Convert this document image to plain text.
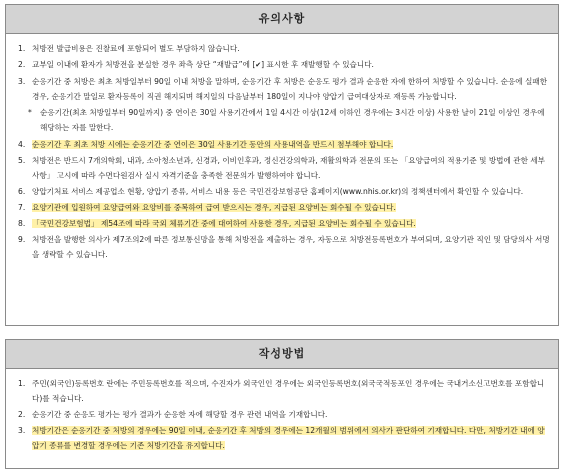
유의사항
1. 처방전 발급비용은 진찰료에 포함되어 별도 부담하지 않습니다.
2. 교부일 이내에 환자가 처방전을 분실한 경우 좌측 상단 “재발급”에 [✔] 표시한 후 재발행할 수 있습니다.
3. 순응기간 중 처방은 최초 처방일부터 90일 이내 처방을 말하며, 순응기간 후 처방은 순응도 평가 결과 순응한 자에 한하여 처방할 수 있습니다. 순응에 실패한 경우, 순응기간 말일로 환자등록이 직권 해지되며 해지일의 다음날부터 180일이 지나야 양압기 급여대상자로 재등록 가능합니다.
* 순응기간(최초 처방일부터 90일까지) 중 연이은 30일 사용기간에서 1일 4시간 이상(12세 이하인 경우에는 3시간 이상) 사용한 날이 21일 이상인 경우에 해당하는 자를 말한다.
4. 순응기간 후 최초 처방 시에는 순응기간 중 연이은 30일 사용기간 동안의 사용내역을 반드시 첨부해야 합니다.
5. 처방전은 반드시 7개의학회, 내과, 소아청소년과, 신경과, 이비인후과, 정신건강의학과, 재활의학과 전문의 또는 「요양급여의 적용기준 및 방법에 관한 세부사항」 고시에 따라 수면다원검사 실시 자격기준을 충족한 전문의가 발행하여야 합니다.
6. 양압기처료 서비스 제공업소 현황, 양압기 종류, 서비스 내용 등은 국민건강보험공단 홈페이지(www.nhis.or.kr)의 정책센터에서 확인할 수 있습니다.
7. 요양기관에 입원하여 요양급여와 요양비를 중복하여 급여 받으시는 경우, 지급된 요양비는 회수될 수 있습니다.
8. 「국민건강보험법」 제54조에 따라 국외 체류기간 중에 대여하여 사용한 경우, 지급된 요양비는 회수될 수 있습니다.
9. 처방전을 발행한 의사가 제7조의2에 따른 정보통신망을 통해 처방전을 제출하는 경우, 자동으로 처방전등록번호가 부여되며, 요양기관 직인 및 담당의사 서명을 생략할 수 있습니다.
작성방법
1. 주민(외국인)등록번호 란에는 주민등록번호를 적으며, 수진자가 외국인인 경우에는 외국인등록번호(외국국적동포인 경우에는 국내거소신고번호를 포함합니다)를 적습니다.
2. 순응기간 중 순응도 평가는 평가 결과가 순응한 자에 해당할 경우 관련 내역을 기재합니다.
3. 처방기간은 순응기간 중 처방의 경우에는 90일 이내, 순응기간 후 처방의 경우에는 12개월의 범위에서 의사가 판단하여 기재합니다. 다만, 처방기간 내에 양압기 종류를 변경할 경우에는 기존 처방기간을 유지합니다.
